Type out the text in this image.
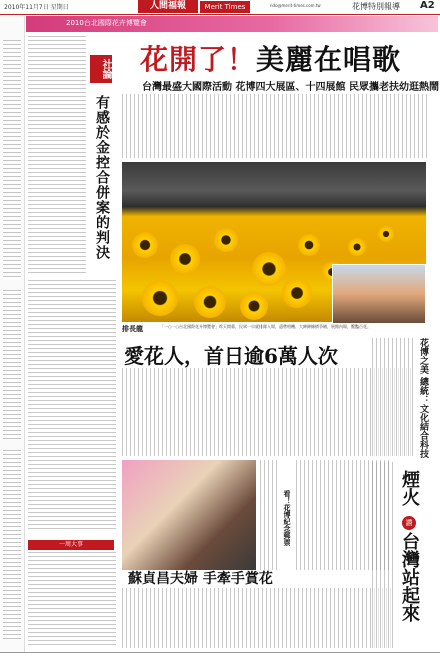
2010年11月7日 星期日	人間福報	Merit Times	ndo@merit-times.com.tw	花博特別報導 A2
2010台北國際花卉博覽會
社論
有感於金控合併案的判決
一周大事
花開了！美麗在唱歌
台灣最盛大國際活動 花博四大展區、十四展館 民眾攜老扶幼逛熱鬧
排長龍	「一○一○台北國際花卉博覽會」昨天開幕，民眾一早就排隊入場，還帶相機、大陣陣擁擠爭睹，展館內場，驚豔百花。
愛花人，首日逾6萬人次	花博之美 總統：文化結合科技
看！花博紀念郵票
蘇貞昌夫婦 手牽手賞花
煙火
讚
台灣站起來
